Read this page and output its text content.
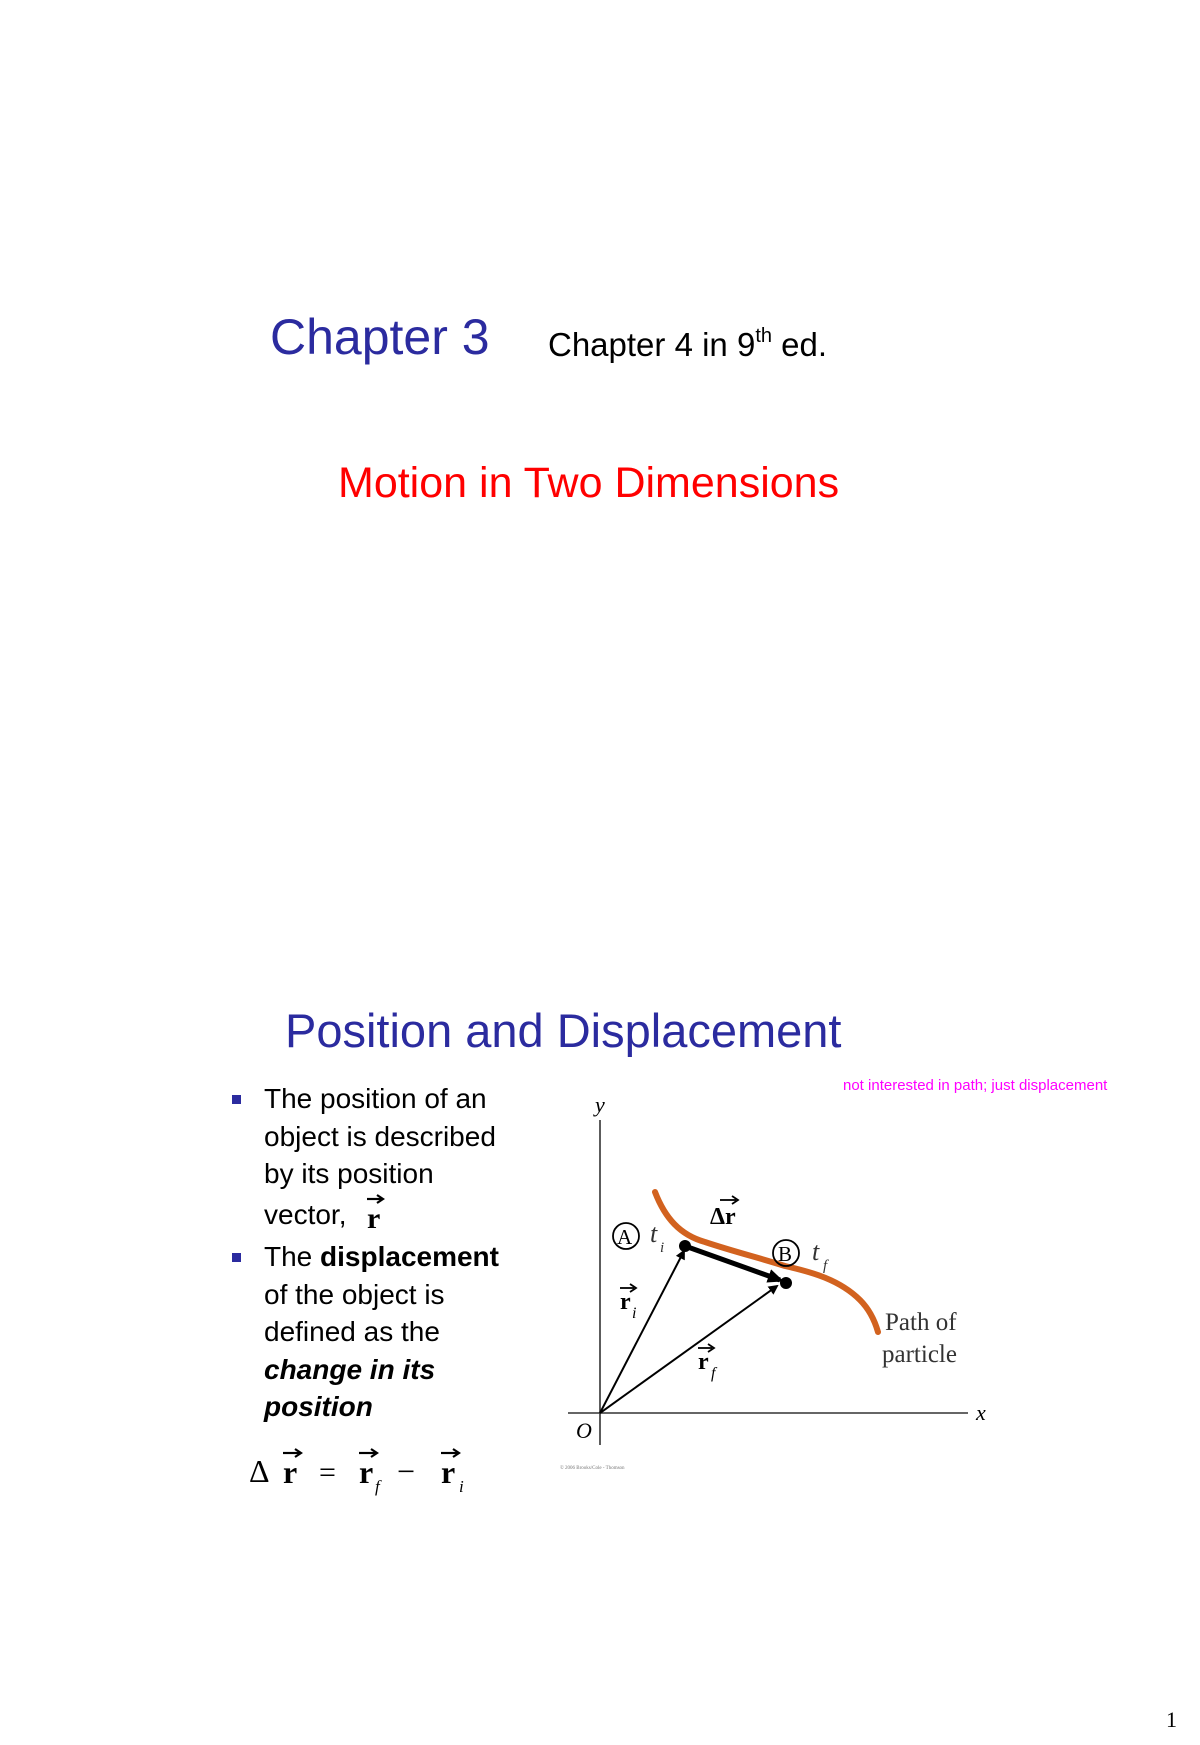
Chapter 3 Chapter 4 in 9th ed.
Motion in Two Dimensions
Position and Displacement
not interested in path; just displacement
The position of an
object is described
by its position
vector, r
The displacement
of the object is
defined as the
change in its
position
Δ r = r f − r i
y
x
O
A t i	B t f
Δr
r i
r f
Path of
particle
© 2006 Brooks/Cole - Thomson
1
